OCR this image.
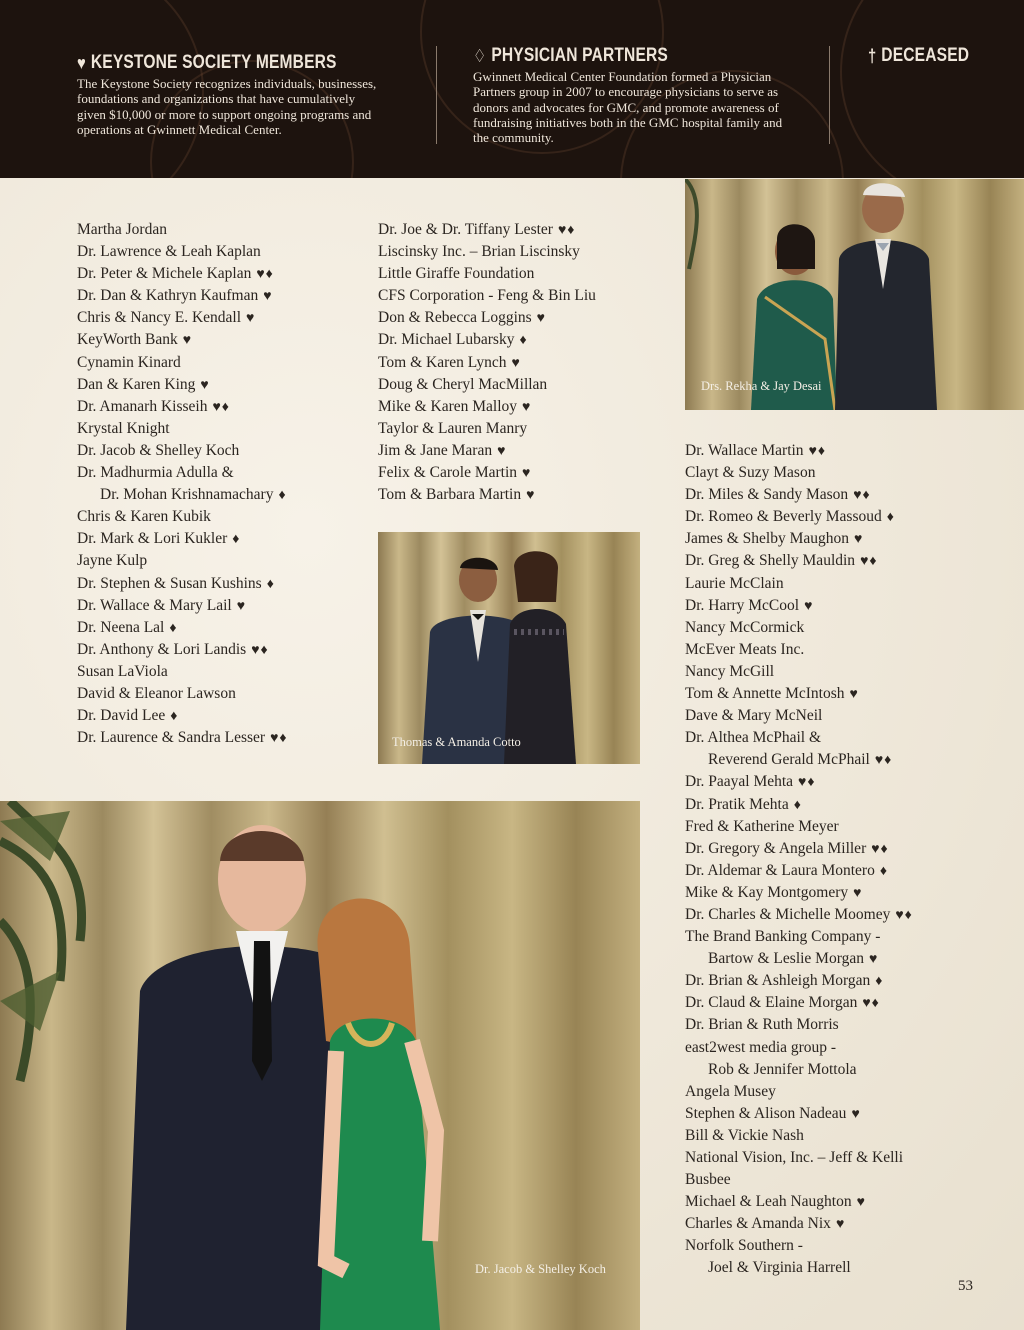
♥ KEYSTONE SOCIETY MEMBERS
The Keystone Society recognizes individuals, businesses,
foundations and organizations that have cumulatively
given $10,000 or more to support ongoing programs and
operations at Gwinnett Medical Center.
♢ PHYSICIAN PARTNERS
Gwinnett Medical Center Foundation formed a Physician
Partners group in 2007 to encourage physicians to serve as
donors and advocates for GMC, and promote awareness of
fundraising initiatives both in the GMC hospital family and
the community.
† DECEASED
Martha Jordan
Dr. Lawrence & Leah Kaplan
Dr. Peter & Michele Kaplan ♥♦
Dr. Dan & Kathryn Kaufman ♥
Chris & Nancy E. Kendall ♥
KeyWorth Bank ♥
Cynamin Kinard
Dan & Karen King ♥
Dr. Amanarh Kisseih ♥♦
Krystal Knight
Dr. Jacob & Shelley Koch
Dr. Madhurmia Adulla &
Dr. Mohan Krishnamachary ♦
Chris & Karen Kubik
Dr. Mark & Lori Kukler ♦
Jayne Kulp
Dr. Stephen & Susan Kushins ♦
Dr. Wallace & Mary Lail ♥
Dr. Neena Lal ♦
Dr. Anthony & Lori Landis ♥♦
Susan LaViola
David & Eleanor Lawson
Dr. David Lee ♦
Dr. Laurence & Sandra Lesser ♥♦
Dr. Joe & Dr. Tiffany Lester ♥♦
Liscinsky Inc. – Brian Liscinsky
Little Giraffe Foundation
CFS Corporation - Feng & Bin Liu
Don & Rebecca Loggins ♥
Dr. Michael Lubarsky ♦
Tom & Karen Lynch ♥
Doug & Cheryl MacMillan
Mike & Karen Malloy ♥
Taylor & Lauren Manry
Jim & Jane Maran ♥
Felix & Carole Martin ♥
Tom & Barbara Martin ♥
Dr. Wallace Martin ♥♦
Clayt & Suzy Mason
Dr. Miles & Sandy Mason ♥♦
Dr. Romeo & Beverly Massoud ♦
James & Shelby Maughon ♥
Dr. Greg & Shelly Mauldin ♥♦
Laurie McClain
Dr. Harry McCool ♥
Nancy McCormick
McEver Meats Inc.
Nancy McGill
Tom & Annette McIntosh ♥
Dave & Mary McNeil
Dr. Althea McPhail &
Reverend Gerald McPhail ♥♦
Dr. Paayal Mehta ♥♦
Dr. Pratik Mehta ♦
Fred & Katherine Meyer
Dr. Gregory & Angela Miller ♥♦
Dr. Aldemar & Laura Montero ♦
Mike & Kay Montgomery ♥
Dr. Charles & Michelle Moomey ♥♦
The Brand Banking Company -
Bartow & Leslie Morgan ♥
Dr. Brian & Ashleigh Morgan ♦
Dr. Claud & Elaine Morgan ♥♦
Dr. Brian & Ruth Morris
east2west media group -
Rob & Jennifer Mottola
Angela Musey
Stephen & Alison Nadeau ♥
Bill & Vickie Nash
National Vision, Inc. – Jeff & Kelli
Busbee
Michael & Leah Naughton ♥
Charles & Amanda Nix ♥
Norfolk Southern -
Joel & Virginia Harrell
Drs. Rekha & Jay Desai
Thomas & Amanda Cotto
Dr. Jacob & Shelley Koch
53
